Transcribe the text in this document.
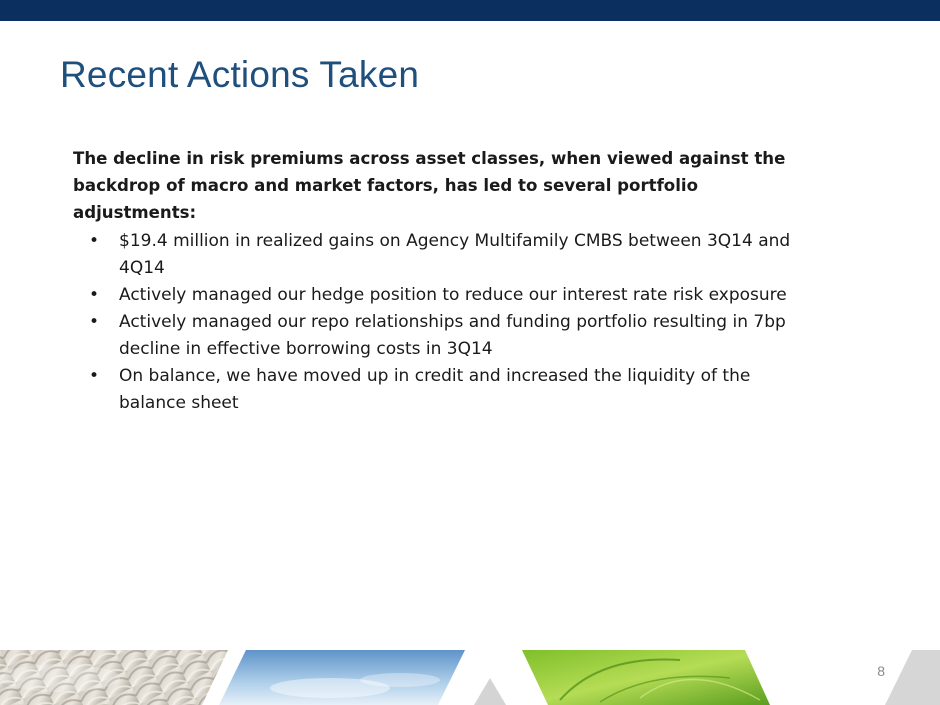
Recent Actions Taken

The decline in risk premiums across asset classes, when viewed against the backdrop of macro and market factors, has led to several portfolio adjustments:

• $19.4 million in realized gains on Agency Multifamily CMBS between 3Q14 and 4Q14
• Actively managed our hedge position to reduce our interest rate risk exposure
• Actively managed our repo relationships and funding portfolio resulting in 7bp decline in effective borrowing costs in 3Q14
• On balance, we have moved up in credit and increased the liquidity of the balance sheet
8
